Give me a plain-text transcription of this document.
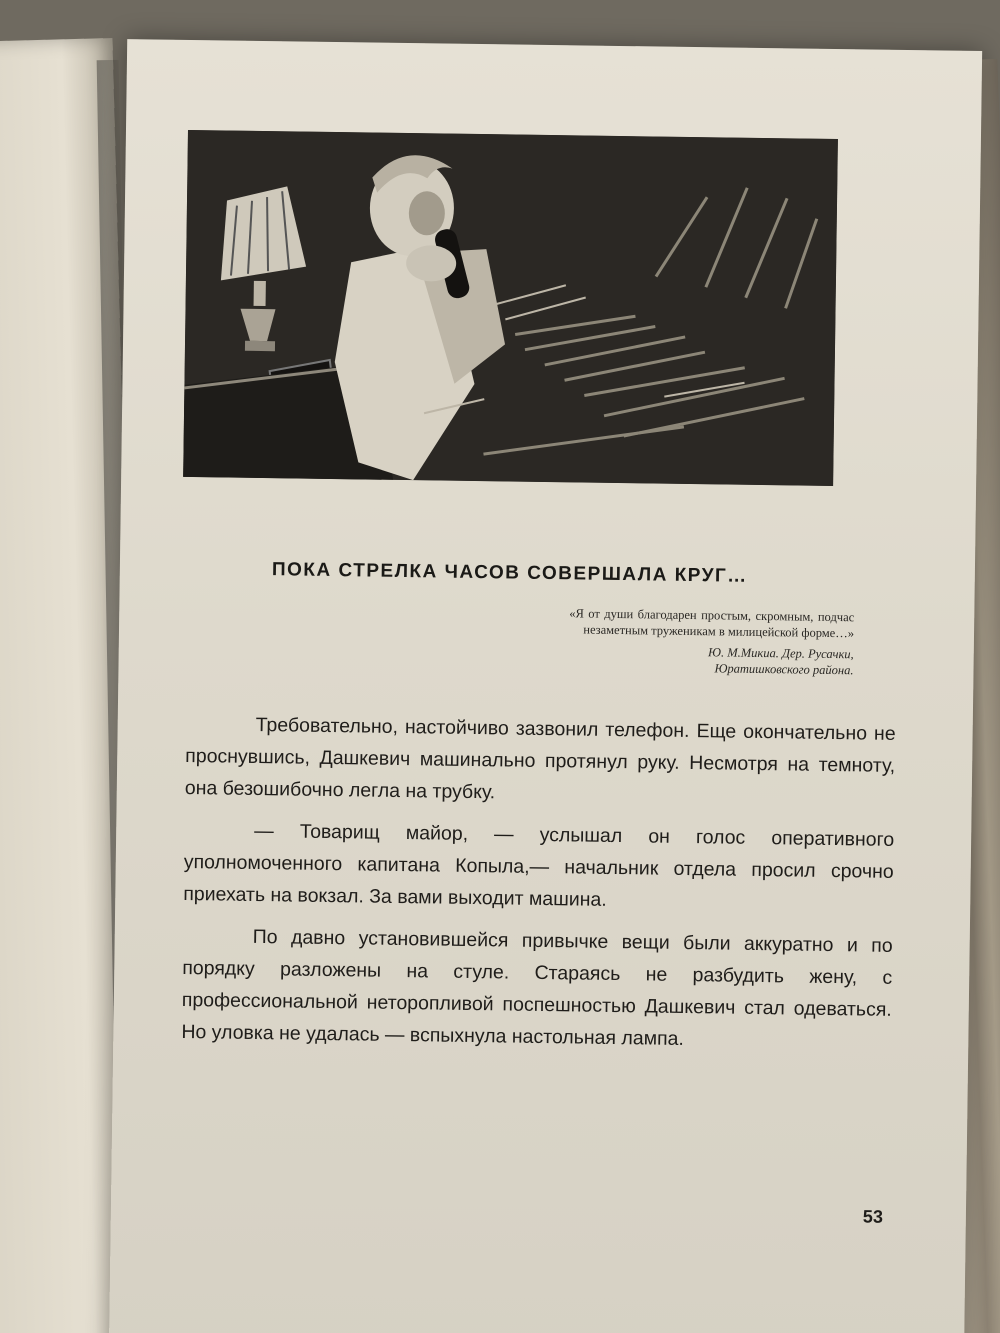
ПОКА СТРЕЛКА ЧАСОВ СОВЕРШАЛА КРУГ…
«Я от души благодарен простым, скромным, подчас незаметным труженикам в милицейской форме…»
Ю. М.Микиа. Дер. Русачки,
Юратишковского района.

Требовательно, настойчиво зазвонил телефон. Еще окончательно не проснувшись, Дашкевич машинально протянул руку. Несмотря на темноту, она безошибочно легла на трубку.

— Товарищ майор, — услышал он голос оперативного уполномоченного капитана Копыла,— начальник отдела просил срочно приехать на вокзал. За вами выходит машина.

По давно установившейся привычке вещи были аккуратно и по порядку разложены на стуле. Стараясь не разбудить жену, с профессиональной неторопливой поспешностью Дашкевич стал одеваться. Но уловка не удалась — вспыхнула настольная лампа.

53
